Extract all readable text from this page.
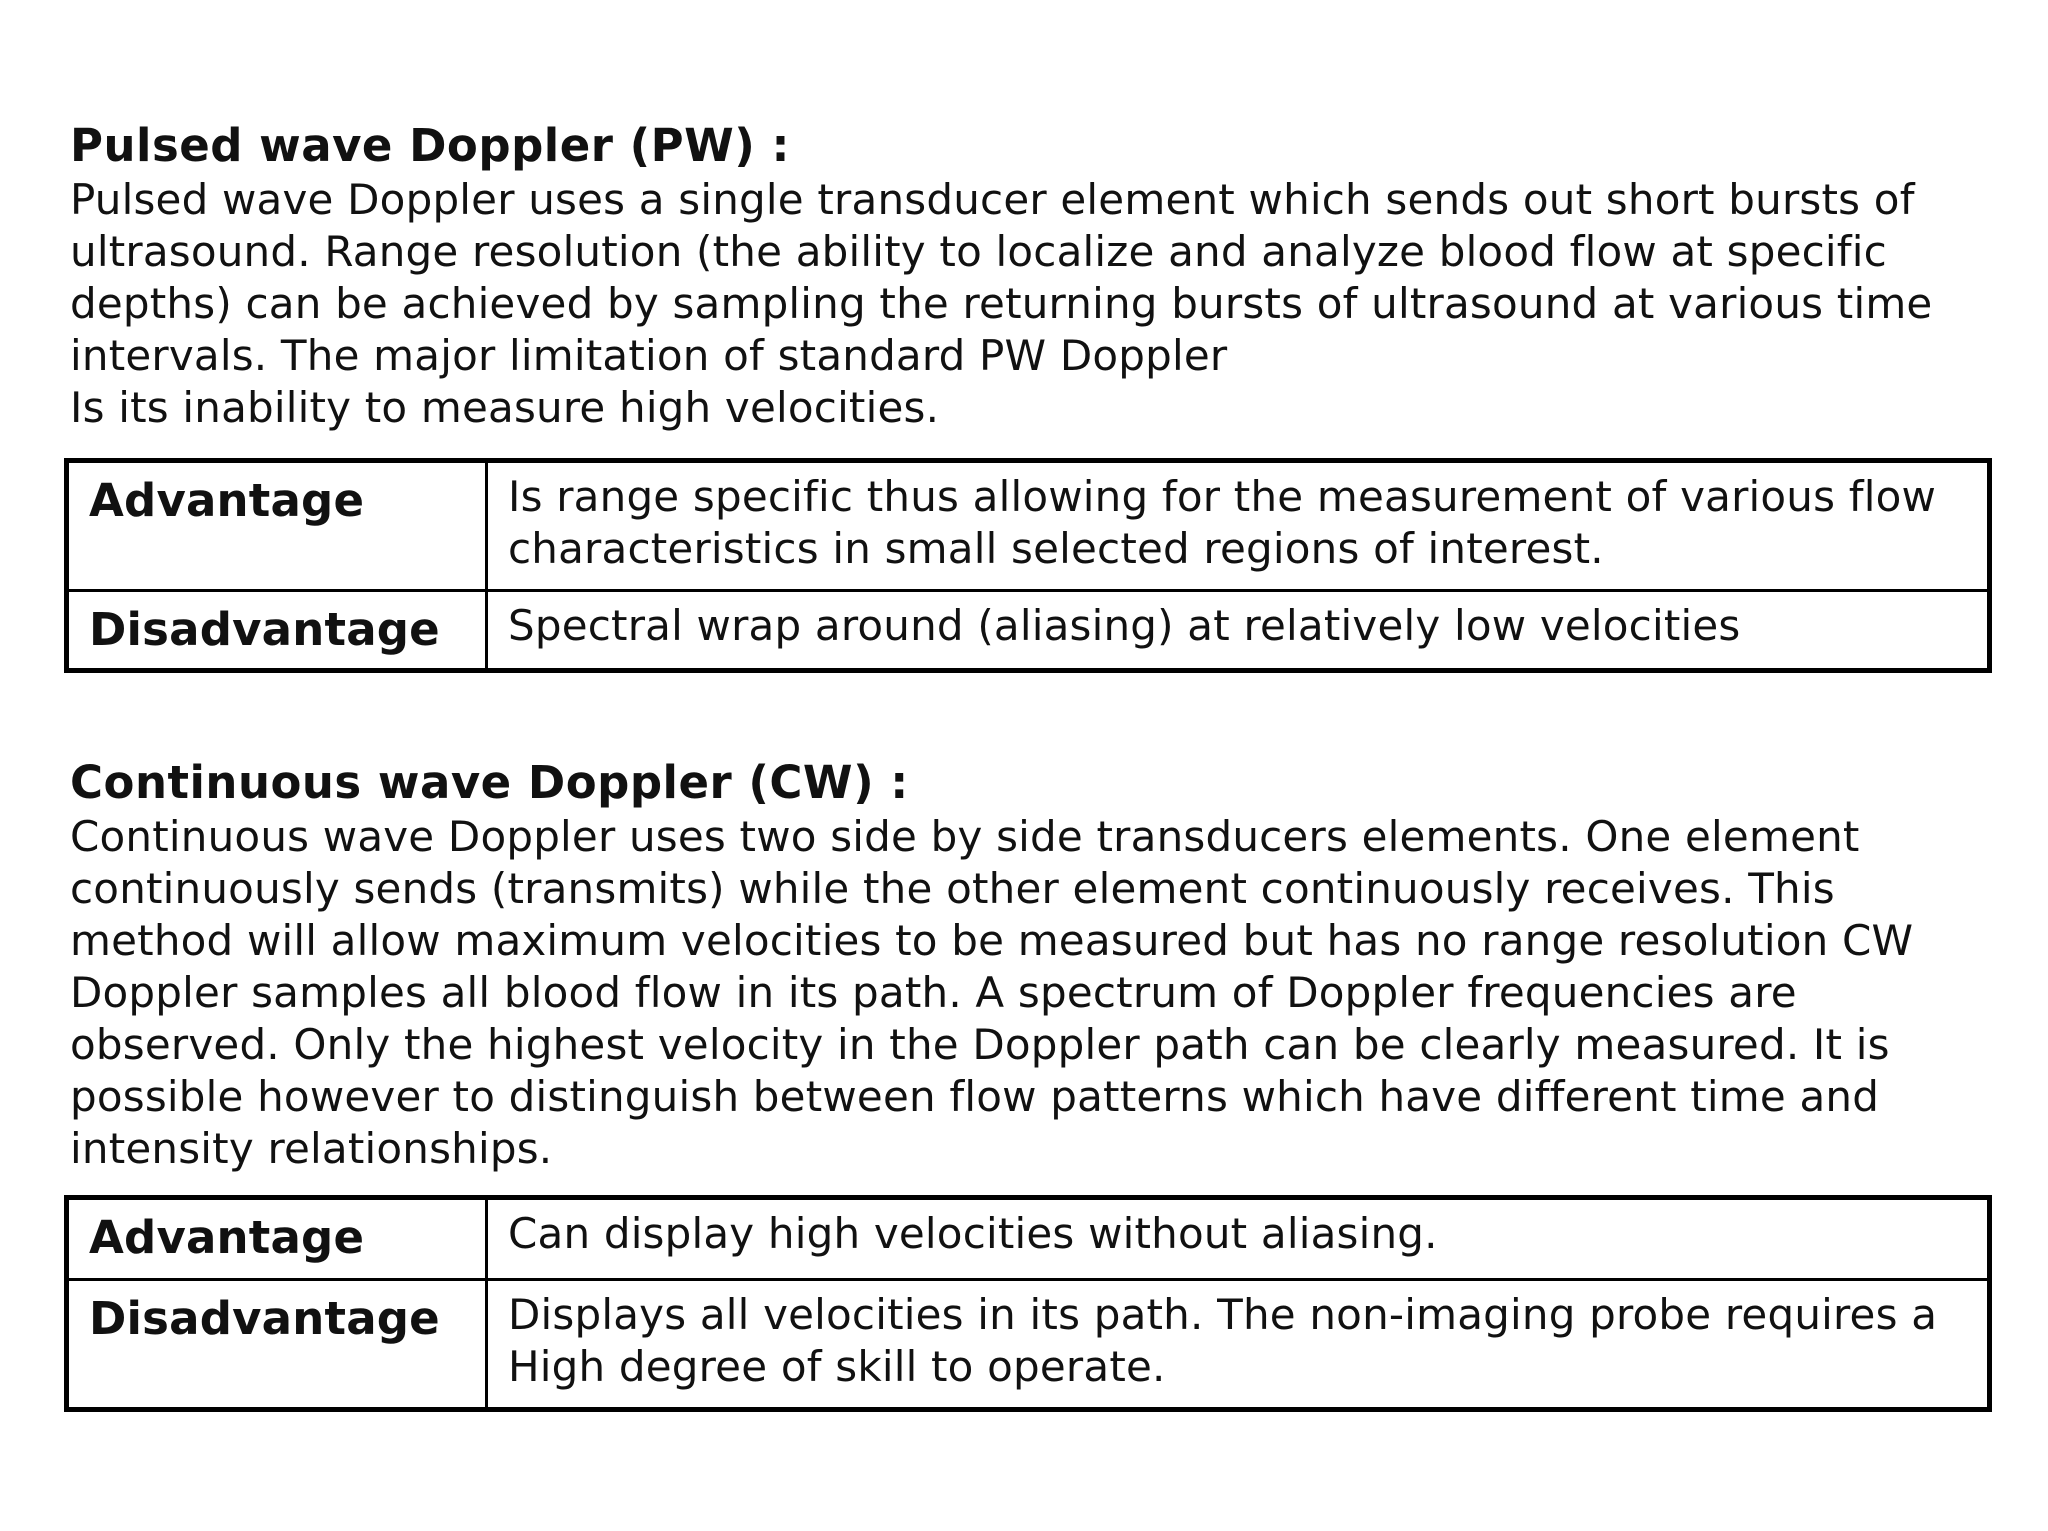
Pulsed wave Doppler (PW) :

Pulsed wave Doppler uses a single transducer element which sends out short bursts of

ultrasound. Range resolution (the ability to localize and analyze blood flow at specific

depths) can be achieved by sampling the returning bursts of ultrasound at various time

intervals. The major limitation of standard PW Doppler

Is its inability to measure high velocities.

Advantage	Is range specific thus allowing for the measurement of various flow
characteristics in small selected regions of interest.

Disadvantage	Spectral wrap around (aliasing) at relatively low velocities

Continuous wave Doppler (CW) :

Continuous wave Doppler uses two side by side transducers elements. One element

continuously sends (transmits) while the other element continuously receives. This

method will allow maximum velocities to be measured but has no range resolution CW

Doppler samples all blood flow in its path. A spectrum of Doppler frequencies are

observed. Only the highest velocity in the Doppler path can be clearly measured. It is

possible however to distinguish between flow patterns which have different time and

intensity relationships.

Advantage	Can display high velocities without aliasing.

Disadvantage	Displays all velocities in its path. The non-imaging probe requires a
High degree of skill to operate.
